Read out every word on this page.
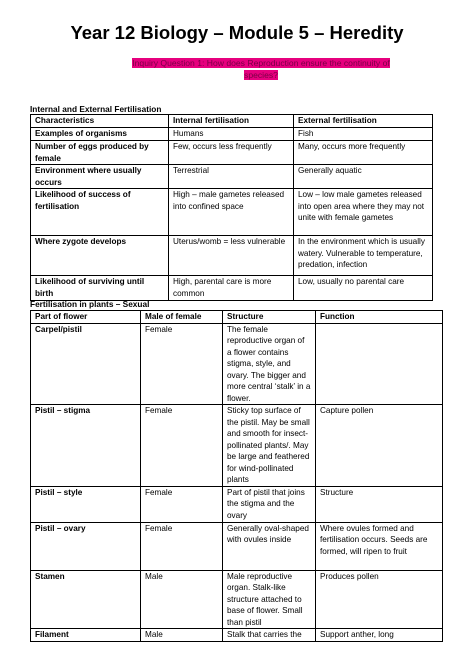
Year 12 Biology – Module 5 – Heredity
Inquiry Question 1: How does Reproduction ensure the continuity of species?
Internal and External Fertilisation
Characteristics	Internal fertilisation	External fertilisation
Examples of organisms	Humans	Fish
Number of eggs produced by female	Few, occurs less frequently	Many, occurs more frequently
Environment where usually occurs	Terrestrial	Generally aquatic
Likelihood of success of fertilisation	High – male gametes released into confined space	Low – low male gametes released into open area where they may not unite with female gametes
Where zygote develops	Uterus/womb = less vulnerable	In the environment which is usually watery. Vulnerable to temperature, predation, infection
Likelihood of surviving until birth	High, parental care is more common	Low, usually no parental care
Fertilisation in plants – Sexual
Part of flower	Male of female	Structure	Function
Carpel/pistil	Female	The female reproductive organ of a flower contains stigma, style, and ovary. The bigger and more central ‘stalk’ in a flower.	
Pistil – stigma	Female	Sticky top surface of the pistil. May be small and smooth for insect-pollinated plants/. May be large and feathered for wind-pollinated plants	Capture pollen
Pistil – style	Female	Part of pistil that joins the stigma and the ovary	Structure
Pistil – ovary	Female	Generally oval-shaped with ovules inside	Where ovules formed and fertilisation occurs. Seeds are formed, will ripen to fruit
Stamen	Male	Male reproductive organ. Stalk-like structure attached to base of flower. Small than pistil	Produces pollen
Filament	Male	Stalk that carries the	Support anther, long
